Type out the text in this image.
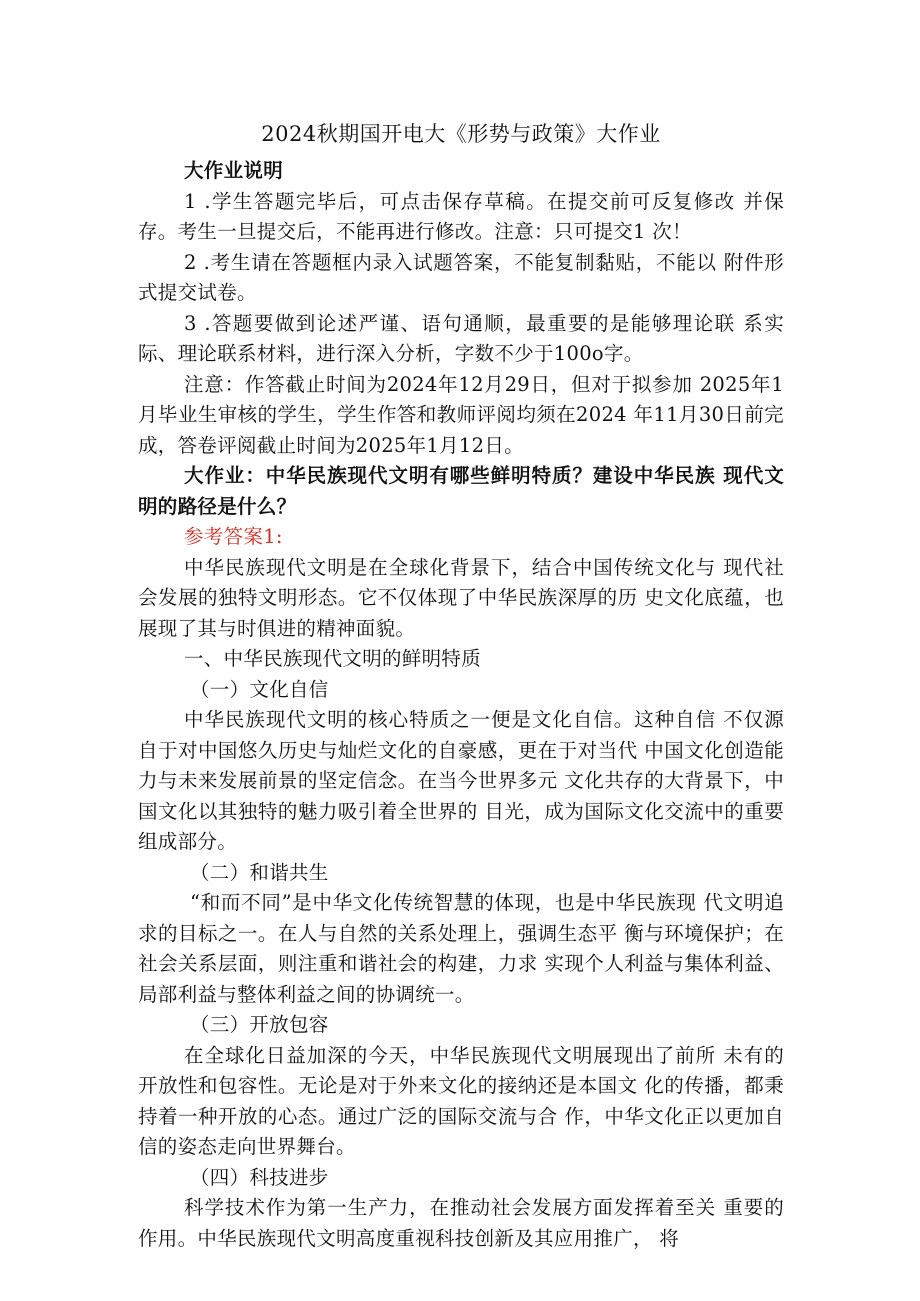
2024秋期国开电大《形势与政策》大作业

大作业说明

1 .学生答题完毕后，可点击保存草稿。在提交前可反复修改 并保存。考生一旦提交后，不能再进行修改。注意：只可提交1 次！

2 .考生请在答题框内录入试题答案，不能复制黏贴，不能以 附件形式提交试卷。

3 .答题要做到论述严谨、语句通顺，最重要的是能够理论联 系实际、理论联系材料，进行深入分析，字数不少于100o字。

注意：作答截止时间为2024年12月29日，但对于拟参加 2025年1月毕业生审核的学生，学生作答和教师评阅均须在2024 年11月30日前完成，答卷评阅截止时间为2025年1月12日。

大作业：中华民族现代文明有哪些鲜明特质？建设中华民族 现代文明的路径是什么？

参考答案1:

中华民族现代文明是在全球化背景下，结合中国传统文化与 现代社会发展的独特文明形态。它不仅体现了中华民族深厚的历 史文化底蕴，也展现了其与时俱进的精神面貌。

一、中华民族现代文明的鲜明特质

（一）文化自信

中华民族现代文明的核心特质之一便是文化自信。这种自信 不仅源自于对中国悠久历史与灿烂文化的自豪感，更在于对当代 中国文化创造能力与未来发展前景的坚定信念。在当今世界多元 文化共存的大背景下，中国文化以其独特的魅力吸引着全世界的 目光，成为国际文化交流中的重要组成部分。

（二）和谐共生

“和而不同”是中华文化传统智慧的体现，也是中华民族现 代文明追求的目标之一。在人与自然的关系处理上，强调生态平 衡与环境保护；在社会关系层面，则注重和谐社会的构建，力求 实现个人利益与集体利益、局部利益与整体利益之间的协调统一。

（三）开放包容

在全球化日益加深的今天，中华民族现代文明展现出了前所 未有的开放性和包容性。无论是对于外来文化的接纳还是本国文 化的传播，都秉持着一种开放的心态。通过广泛的国际交流与合 作，中华文化正以更加自信的姿态走向世界舞台。

（四）科技进步

科学技术作为第一生产力，在推动社会发展方面发挥着至关 重要的作用。中华民族现代文明高度重视科技创新及其应用推广， 将
